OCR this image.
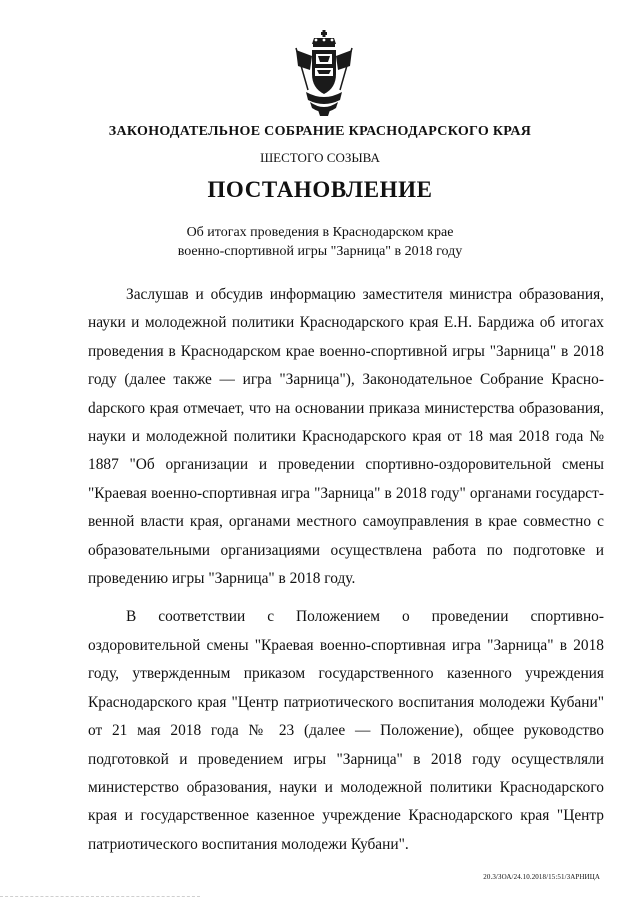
ЗАКОНОДАТЕЛЬНОЕ СОБРАНИЕ КРАСНОДАРСКОГО КРАЯ
ШЕСТОГО СОЗЫВА
ПОСТАНОВЛЕНИЕ
Об итогах проведения в Краснодарском крае
военно-спортивной игры "Зарница" в 2018 году

Заслушав и обсудив информацию заместителя министра образования, науки и молодежной политики Краснодарского края Е.Н. Бардижа об итогах проведения в Краснодарском крае военно-спортивной игры "Зарница" в 2018 году (далее также — игра "Зарница"), Законодательное Собрание Красноdарского края отмечает, что на основании приказа министерства образования, науки и молодежной политики Краснодарского края от 18 мая 2018 года № 1887 "Об организации и проведении спортивно-оздоровительной смены "Краевая военно-спортивная игра "Зарница" в 2018 году" органами государственной власти края, органами местного самоуправления в крае совместно с образовательными организациями осуществлена работа по подготовке и проведению игры "Зарница" в 2018 году.

В соответствии с Положением о проведении спортивно-оздоровительной смены "Краевая военно-спортивная игра "Зарница" в 2018 году, утвержденным приказом государственного казенного учреждения Краснодарского края "Центр патриотического воспитания молодежи Кубани" от 21 мая 2018 года № 23 (далее — Положение), общее руководство подготовкой и проведением игры "Зарница" в 2018 году осуществляли министерство образования, науки и молодежной политики Краснодарского края и государственное казенное учреждение Краснодарского края "Центр патриотического воспитания молодежи Кубани".

20.3/ЗОА/24.10.2018/15:51/ЗАРНИЦА
